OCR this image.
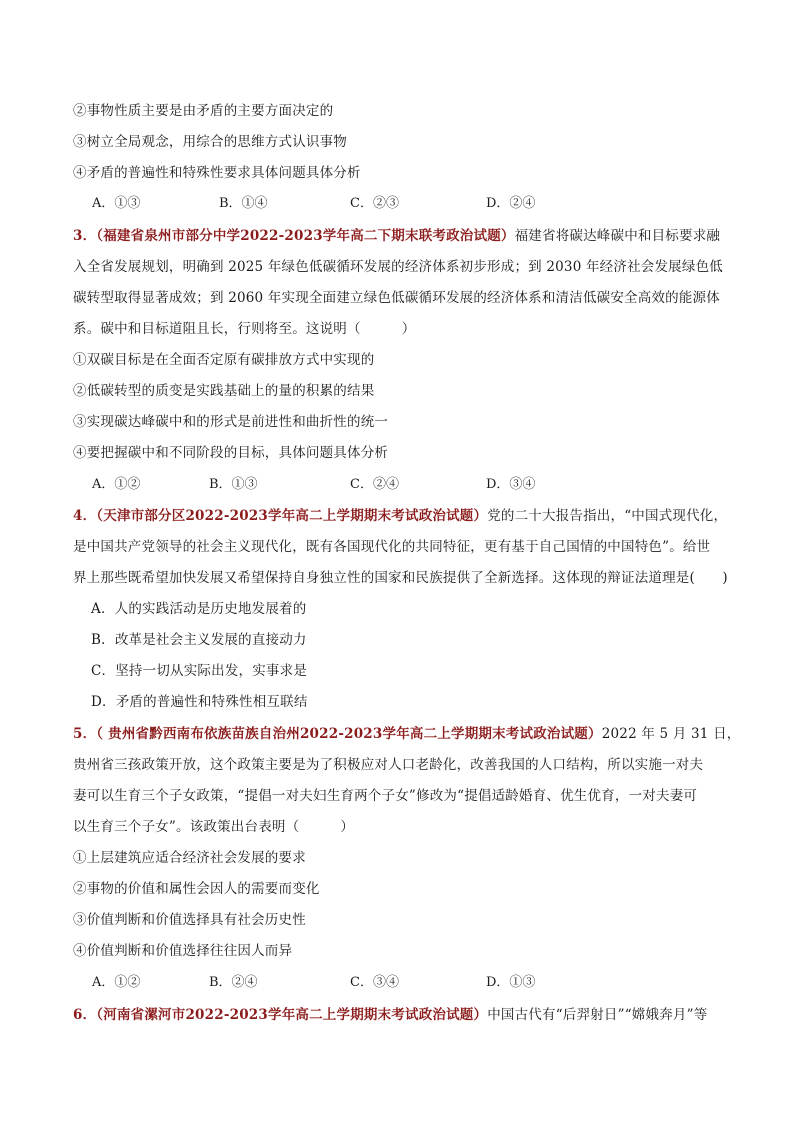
②事物性质主要是由矛盾的主要方面决定的
③树立全局观念，用综合的思维方式认识事物
④矛盾的普遍性和特殊性要求具体问题具体分析
A．①③	B．①④	C．②③	D．②④
3．（福建省泉州市部分中学2022-2023学年高二下期末联考政治试题）福建省将碳达峰碳中和目标要求融
入全省发展规划，明确到 2025 年绿色低碳循环发展的经济体系初步形成；到 2030 年经济社会发展绿色低
碳转型取得显著成效；到 2060 年实现全面建立绿色低碳循环发展的经济体系和清洁低碳安全高效的能源体
系。碳中和目标道阻且长，行则将至。这说明（　　　）
①双碳目标是在全面否定原有碳排放方式中实现的
②低碳转型的质变是实践基础上的量的积累的结果
③实现碳达峰碳中和的形式是前进性和曲折性的统一
④要把握碳中和不同阶段的目标，具体问题具体分析
A．①②	B．①③	C．②④	D．③④
4．（天津市部分区2022-2023学年高二上学期期末考试政治试题）党的二十大报告指出，“中国式现代化，
是中国共产党领导的社会主义现代化，既有各国现代化的共同特征，更有基于自己国情的中国特色”。给世
界上那些既希望加快发展又希望保持自身独立性的国家和民族提供了全新选择。这体现的辩证法道理是(　　)
A．人的实践活动是历史地发展着的
B．改革是社会主义发展的直接动力
C．坚持一切从实际出发，实事求是
D．矛盾的普遍性和特殊性相互联结
5．（ 贵州省黔西南布依族苗族自治州2022-2023学年高二上学期期末考试政治试题）2022 年 5 月 31 日，
贵州省三孩政策开放，这个政策主要是为了积极应对人口老龄化，改善我国的人口结构，所以实施一对夫
妻可以生育三个子女政策，“提倡一对夫妇生育两个子女”修改为“提倡适龄婚育、优生优育，一对夫妻可
以生育三个子女”。该政策出台表明（　　　）
①上层建筑应适合经济社会发展的要求
②事物的价值和属性会因人的需要而变化
③价值判断和价值选择具有社会历史性
④价值判断和价值选择往往因人而异
A．①②	B．②④	C．③④	D．①③
6．（河南省漯河市2022-2023学年高二上学期期末考试政治试题）中国古代有“后羿射日”“嫦娥奔月”等
